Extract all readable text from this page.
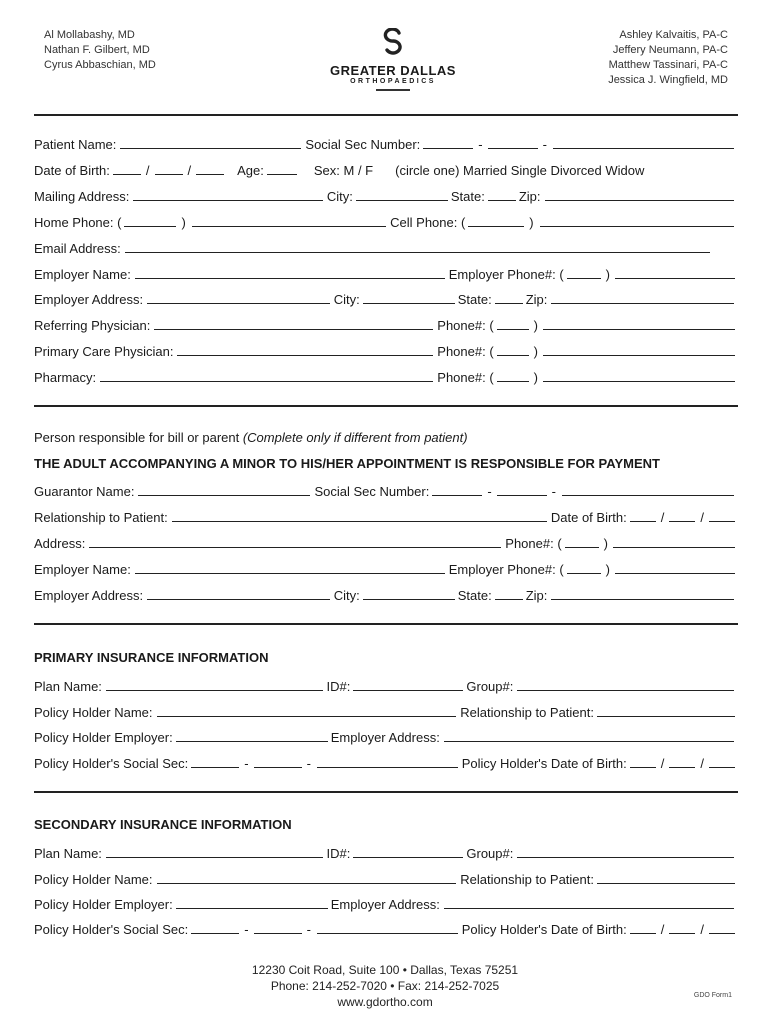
Al Mollabashy, MD
Nathan F. Gilbert, MD
Cyrus Abbaschian, MD	GREATER DALLAS
ORTHOPAEDICS
Ashley Kalvaitis, PA-C
Jeffery Neumann, PA-C
Matthew Tassinari, PA-C
Jessica J. Wingfield, MD
Patient Name:	Social Sec Number:	-	-
Date of Birth:	/	/	Age:	Sex: M / F (circle one) Married Single Divorced Widow
Mailing Address:	City:	State:	Zip:
Home Phone: (	)	Cell Phone: (	)
Email Address:
Employer Name:	Employer Phone#: (	)
Employer Address:	City:	State:	Zip:
Referring Physician:	Phone#: (	)
Primary Care Physician:	Phone#: (	)
Pharmacy:	Phone#: (	)
Person responsible for bill or parent (Complete only if different from patient)
THE ADULT ACCOMPANYING A MINOR TO HIS/HER APPOINTMENT IS RESPONSIBLE FOR PAYMENT
Guarantor Name:	Social Sec Number:	-	-
Relationship to Patient:	Date of Birth:	/	/
Address:	Phone#: (	)
Employer Name:	Employer Phone#: (	)
Employer Address:	City:	State:	Zip:
PRIMARY INSURANCE INFORMATION
Plan Name:	ID#:	Group#:
Policy Holder Name:	Relationship to Patient:
Policy Holder Employer:	Employer Address:
Policy Holder's Social Sec:	-	-	Policy Holder's Date of Birth:	/	/
SECONDARY INSURANCE INFORMATION
Plan Name:	ID#:	Group#:
Policy Holder Name:	Relationship to Patient:
Policy Holder Employer:	Employer Address:
Policy Holder's Social Sec:	-	-	Policy Holder's Date of Birth:	/	/
12230 Coit Road, Suite 100 • Dallas, Texas 75251
Phone: 214-252-7020 • Fax: 214-252-7025
www.gdortho.com	GDO Form1
